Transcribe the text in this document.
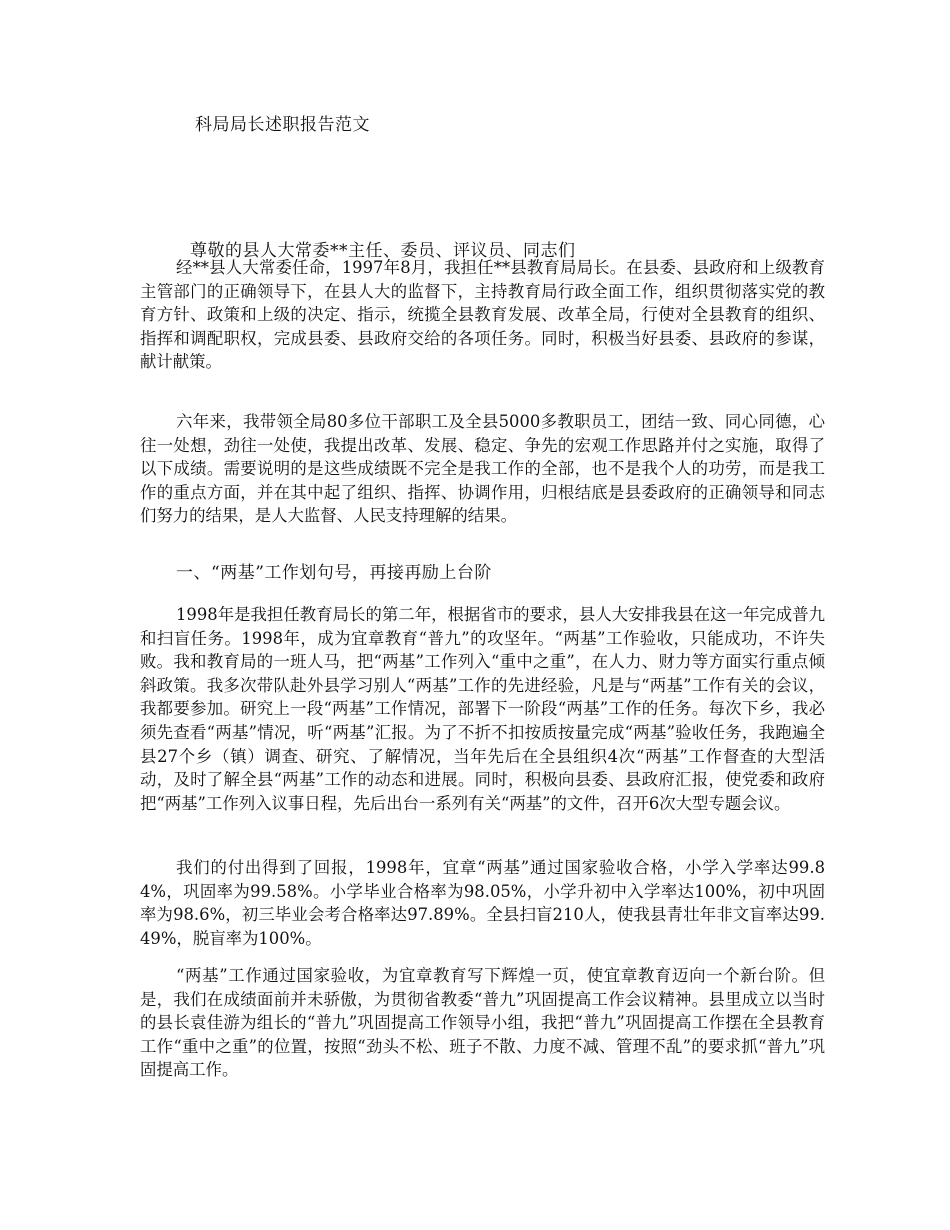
科局局长述职报告范文
尊敬的县人大常委**主任、委员、评议员、同志们

经**县人大常委任命，1997年8月，我担任**县教育局局长。在县委、县政府和上级教育主管部门的正确领导下，在县人大的监督下，主持教育局行政全面工作，组织贯彻落实党的教育方针、政策和上级的决定、指示，统揽全县教育发展、改革全局，行使对全县教育的组织、指挥和调配职权，完成县委、县政府交给的各项任务。同时，积极当好县委、县政府的参谋，献计献策。

六年来，我带领全局80多位干部职工及全县5000多教职员工，团结一致、同心同德，心往一处想，劲往一处使，我提出改革、发展、稳定、争先的宏观工作思路并付之实施，取得了以下成绩。需要说明的是这些成绩既不完全是我工作的全部，也不是我个人的功劳，而是我工作的重点方面，并在其中起了组织、指挥、协调作用，归根结底是县委政府的正确领导和同志们努力的结果，是人大监督、人民支持理解的结果。

一、“两基”工作划句号，再接再励上台阶

1998年是我担任教育局长的第二年，根据省市的要求，县人大安排我县在这一年完成普九和扫盲任务。1998年，成为宜章教育“普九”的攻坚年。“两基”工作验收，只能成功，不许失败。我和教育局的一班人马，把“两基”工作列入“重中之重”，在人力、财力等方面实行重点倾斜政策。我多次带队赴外县学习别人“两基”工作的先进经验，凡是与“两基”工作有关的会议，我都要参加。研究上一段“两基”工作情况，部署下一阶段“两基”工作的任务。每次下乡，我必须先查看“两基”情况，听“两基”汇报。为了不折不扣按质按量完成“两基”验收任务，我跑遍全县27个乡（镇）调查、研究、了解情况，当年先后在全县组织4次“两基”工作督查的大型活动，及时了解全县“两基”工作的动态和进展。同时，积极向县委、县政府汇报，使党委和政府把“两基”工作列入议事日程，先后出台一系列有关“两基”的文件，召开6次大型专题会议。

我们的付出得到了回报，1998年，宜章“两基”通过国家验收合格，小学入学率达99.84%，巩固率为99.58%。小学毕业合格率为98.05%，小学升初中入学率达100%，初中巩固率为98.6%，初三毕业会考合格率达97.89%。全县扫盲210人，使我县青壮年非文盲率达99.49%，脱盲率为100%。

“两基”工作通过国家验收，为宜章教育写下辉煌一页，使宜章教育迈向一个新台阶。但是，我们在成绩面前并未骄傲，为贯彻省教委“普九”巩固提高工作会议精神。县里成立以当时的县长袁佳游为组长的“普九”巩固提高工作领导小组，我把“普九”巩固提高工作摆在全县教育工作“重中之重”的位置，按照“劲头不松、班子不散、力度不减、管理不乱”的要求抓“普九”巩固提高工作。
